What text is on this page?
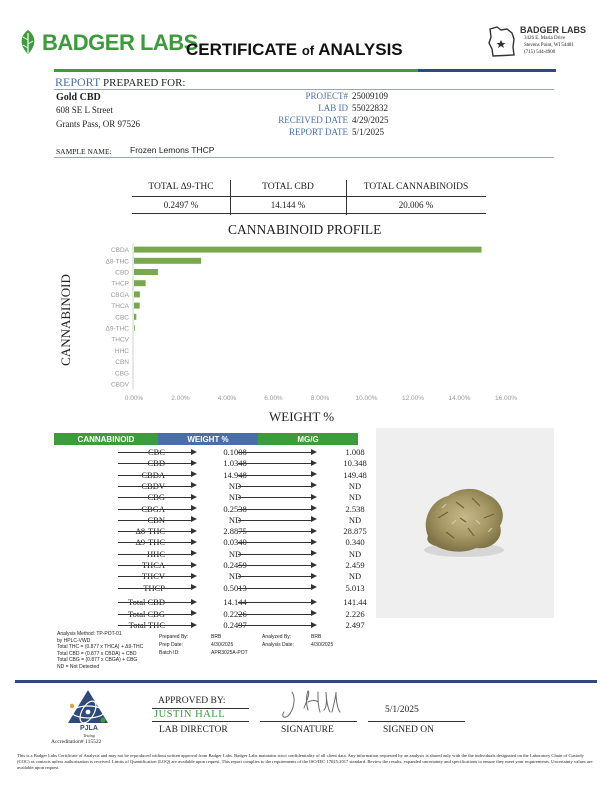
BADGER LABS
CERTIFICATE of ANALYSIS
BADGER LABS
3426 E. Maria Drive
Stevens Point, WI 54481
(715) 544-4900
REPORT PREPARED FOR:
Gold CBD
608 SE L Street
Grants Pass, OR 97526
PROJECT# 25009109
LAB ID 55022832
RECEIVED DATE 4/29/2025
REPORT DATE 5/1/2025
SAMPLE NAME: Frozen Lemons THCP
TOTAL Δ9-THC	TOTAL CBD	TOTAL CANNABINOIDS
0.2497 %	14.144 %	20.006 %
CANNABINOID PROFILE
CANNABINOID
CBDA
Δ8-THC
CBD
THCP
CBGA
THCA
CBC
Δ9-THC
THCV
HHC
CBN
CBG
CBDV
0.00%	2.00%	4.00%	6.00%	8.00%	10.00%	12.00%	14.00%	16.00%
WEIGHT %
CANNABINOID	WEIGHT %	MG/G
CBC	0.1008	1.008
CBD	1.0348	10.348
CBDA	14.948	149.48
CBDV	ND	ND
CBG	ND	ND
CBGA	0.2538	2.538
CBN	ND	ND
Δ8-THC	2.8875	28.875
Δ9-THC	0.0340	0.340
HHC	ND	ND
THCA	0.2459	2.459
THCV	ND	ND
THCP	0.5013	5.013
Total CBD	14.144	141.44
Total CBG	0.2226	2.226
Total THC	0.2497	2.497
Analysis Method: TP-POT-01
by HPLC-VWD
Total THC = (0.877 x THCA) + Δ9-THC
Total CBD = (0.877 x CBDA) + CBD
Total CBG = (0.877 x CBGA) + CBG
ND = Not Detected
Prepared By:	BRB
Prep Date:	4/30/2025
Batch ID:	APR3025A-POT
Analyzed By:	BRB
Analysis Date:	4/30/2025
PJLA
Testing
Accreditation# 115522
APPROVED BY:
JUSTIN HALL
LAB DIRECTOR	SIGNATURE
5/1/2025
SIGNED ON
This is a Badger Labs Certificate of Analysis and may not be reproduced without written approval from Badger Labs. Badger Labs maintains strict confidentiality of all client data. Any information requested by an analysis is shared only with the the individuals designated on the Laboratory Chain of Custody (COC) as contacts unless authorization is received. Limits of Quantification (LOQ) are available upon request. This report complies to the requirements of the ISO/IEC 17025:2017 standard. Review the results, expanded uncertainty and specifications to ensure they meet your requirements. Uncertainty values are available upon request.
